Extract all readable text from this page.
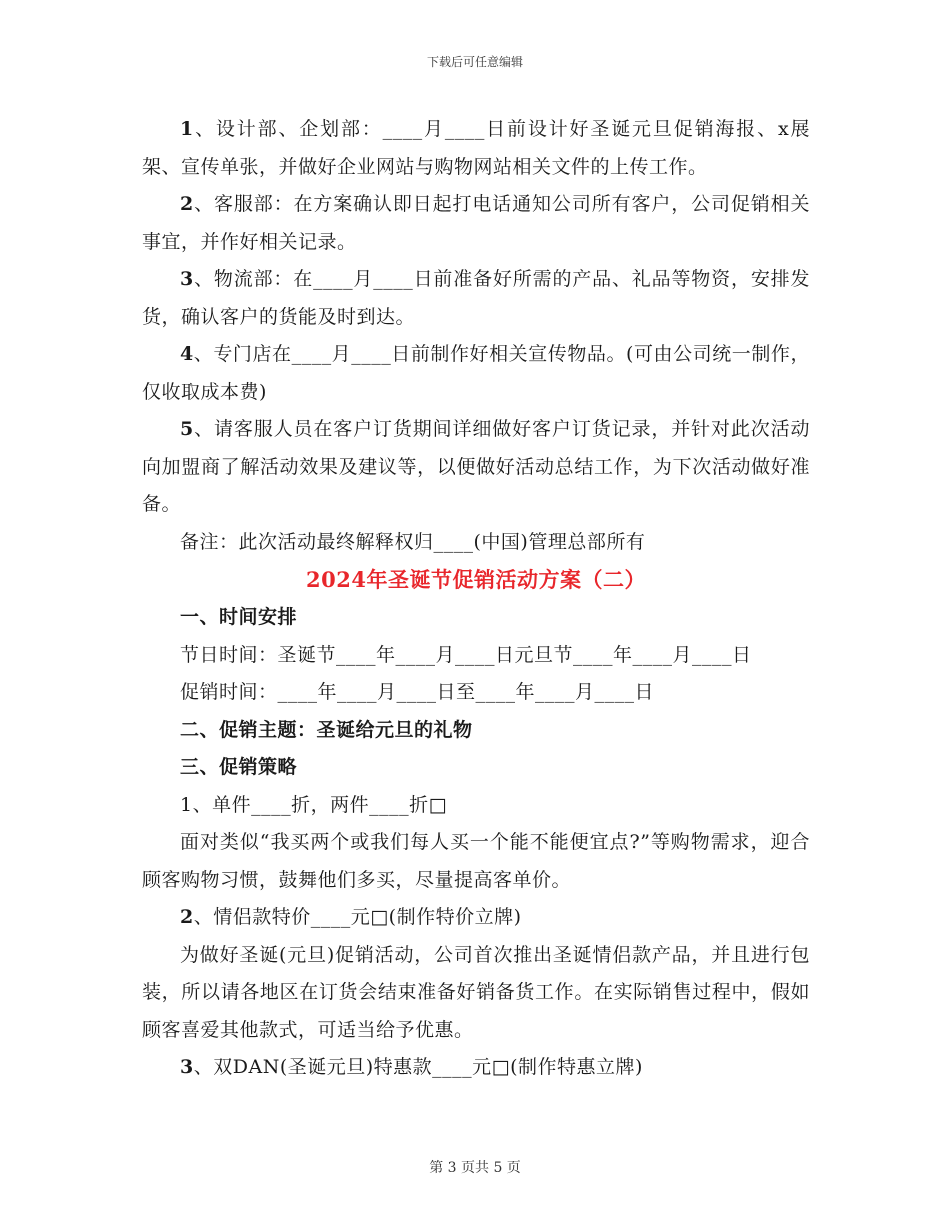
下载后可任意编辑

1、设计部、企划部：____月____日前设计好圣诞元旦促销海报、x展架、宣传单张，并做好企业网站与购物网站相关文件的上传工作。

2、客服部：在方案确认即日起打电话通知公司所有客户，公司促销相关事宜，并作好相关记录。

3、物流部：在____月____日前准备好所需的产品、礼品等物资，安排发货，确认客户的货能及时到达。

4、专门店在____月____日前制作好相关宣传物品。(可由公司统一制作，仅收取成本费)

5、请客服人员在客户订货期间详细做好客户订货记录，并针对此次活动向加盟商了解活动效果及建议等，以便做好活动总结工作，为下次活动做好准备。

备注：此次活动最终解释权归____(中国)管理总部所有

2024年圣诞节促销活动方案（二）

一、时间安排

节日时间：圣诞节____年____月____日元旦节____年____月____日

促销时间：____年____月____日至____年____月____日

二、促销主题：圣诞给元旦的礼物

三、促销策略

1、单件____折，两件____折□

面对类似“我买两个或我们每人买一个能不能便宜点?”等购物需求，迎合顾客购物习惯，鼓舞他们多买，尽量提高客单价。

2、情侣款特价____元□(制作特价立牌)

为做好圣诞(元旦)促销活动，公司首次推出圣诞情侣款产品，并且进行包装，所以请各地区在订货会结束准备好销备货工作。在实际销售过程中，假如顾客喜爱其他款式，可适当给予优惠。

3、双DAN(圣诞元旦)特惠款____元□(制作特惠立牌)

第 3 页共 5 页
